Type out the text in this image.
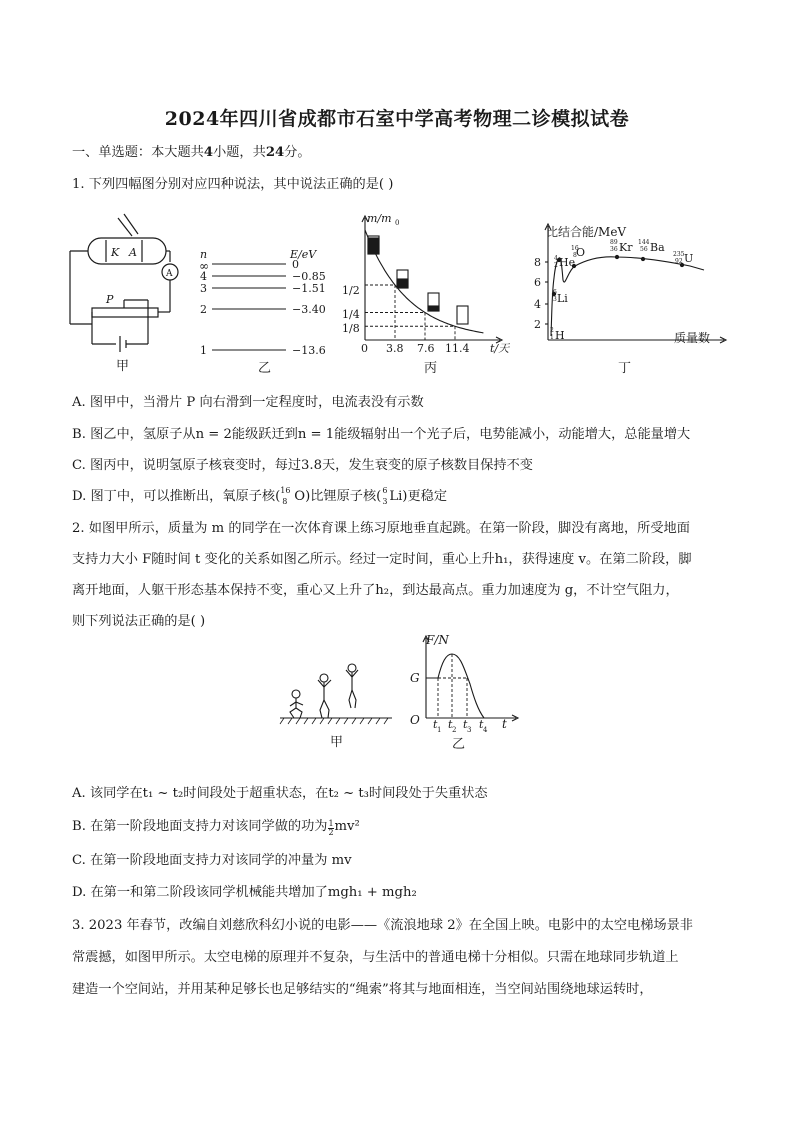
2024年四川省成都市石室中学高考物理二诊模拟试卷
一、单选题：本大题共4小题，共24分。
1. 下列四幅图分别对应四种说法，其中说法正确的是( )
K A
A
P
甲
n	E/eV
∞
4
3
2
1
0
−0.85
−1.51
−3.40
−13.6
乙
m/m 0
1/2
1/4
1/8
0 3.8 7.6 11.4 t/天
丙
比结合能/MeV
8
6
4
2
质量数
4
2 He
16
8 O
89
36 Kr 144
56 Ba
235
92 U
6
3 Li
2
1 H
丁
A. 图甲中，当滑片 P 向右滑到一定程度时，电流表没有示数
B. 图乙中，氢原子从n = 2能级跃迁到n = 1能级辐射出一个光子后，电势能减小，动能增大，总能量增大
C. 图丙中，说明氢原子核衰变时，每过3.8天，发生衰变的原子核数目保持不变
D. 图丁中，可以推断出，氧原子核( 16
8 O)比锂原子核( 6
3 Li)更稳定
2. 如图甲所示，质量为 m 的同学在一次体育课上练习原地垂直起跳。在第一阶段，脚没有离地，所受地面
支持力大小 F随时间 t 变化的关系如图乙所示。经过一定时间，重心上升h₁，获得速度 v。在第二阶段，脚
离开地面，人躯干形态基本保持不变，重心又上升了h₂，到达最高点。重力加速度为 g，不计空气阻力，
则下列说法正确的是( )
甲
F/N
G
O	t
t 1 t 2 t 3 t 4
乙
A. 该同学在t₁ ~ t₂时间段处于超重状态，在t₂ ~ t₃时间段处于失重状态
B. 在第一阶段地面支持力对该同学做的功为 $\frac{1}{2} mv^2$
C. 在第一阶段地面支持力对该同学的冲量为 mv
D. 在第一和第二阶段该同学机械能共增加了mgh₁ + mgh₂
3. 2023 年春节，改编自刘慈欣科幻小说的电影——《流浪地球 2》在全国上映。电影中的太空电梯场景非
常震撼，如图甲所示。太空电梯的原理并不复杂，与生活中的普通电梯十分相似。只需在地球同步轨道上
建造一个空间站，并用某种足够长也足够结实的“绳索”将其与地面相连，当空间站围绕地球运转时，
